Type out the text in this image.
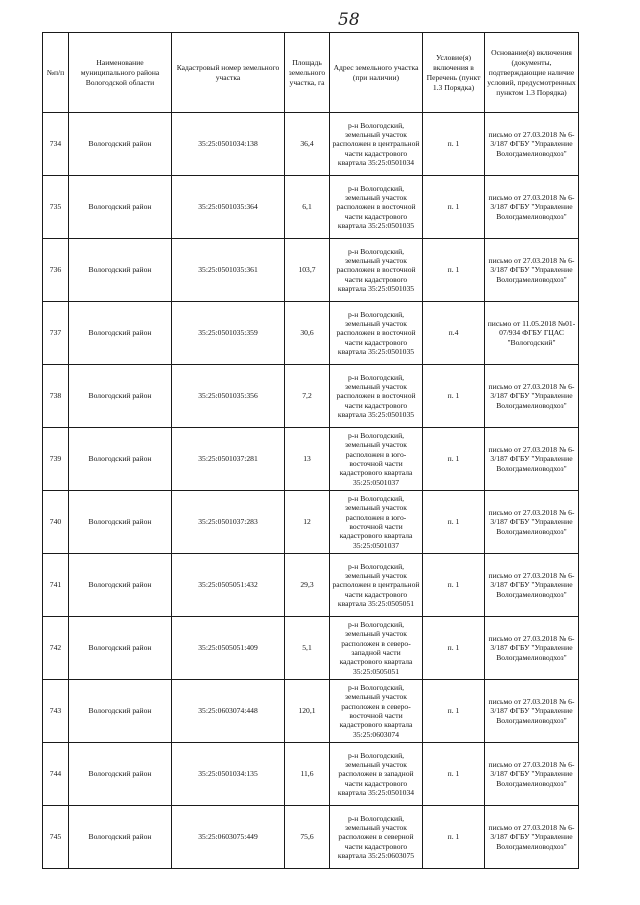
58
№п/п	Наименование муниципального района Вологодской области	Кадастровый номер земельного участка	Площадь земельного участка, га	Адрес земельного участка (при наличии)	Условие(я) включения в Перечень (пункт 1.3 Порядка)	Основание(я) включения (документы, подтверждающие наличие условий, предусмотренных пунктом 1.3 Порядка)
734	Вологодский район	35:25:0501034:138	36,4	р-н Вологодский, земельный участок расположен в центральной части кадастрового квартала 35:25:0501034	п. 1	письмо от 27.03.2018 № 6-3/187 ФГБУ "Управление Вологдамелиоводхоз"
735	Вологодский район	35:25:0501035:364	6,1	р-н Вологодский, земельный участок расположен в восточной части кадастрового квартала 35:25:0501035	п. 1	письмо от 27.03.2018 № 6-3/187 ФГБУ "Управление Вологдамелиоводхоз"
736	Вологодский район	35:25:0501035:361	103,7	р-н Вологодский, земельный участок расположен в восточной части кадастрового квартала 35:25:0501035	п. 1	письмо от 27.03.2018 № 6-3/187 ФГБУ "Управление Вологдамелиоводхоз"
737	Вологодский район	35:25:0501035:359	30,6	р-н Вологодский, земельный участок расположен в восточной части кадастрового квартала 35:25:0501035	п.4	письмо от 11.05.2018 №01-07/934 ФГБУ ГЦАС "Вологодский"
738	Вологодский район	35:25:0501035:356	7,2	р-н Вологодский, земельный участок расположен в восточной части кадастрового квартала 35:25:0501035	п. 1	письмо от 27.03.2018 № 6-3/187 ФГБУ "Управление Вологдамелиоводхоз"
739	Вологодский район	35:25:0501037:281	13	р-н Вологодский, земельный участок расположен в юго-восточной части кадастрового квартала 35:25:0501037	п. 1	письмо от 27.03.2018 № 6-3/187 ФГБУ "Управление Вологдамелиоводхоз"
740	Вологодский район	35:25:0501037:283	12	р-н Вологодский, земельный участок расположен в юго-восточной части кадастрового квартала 35:25:0501037	п. 1	письмо от 27.03.2018 № 6-3/187 ФГБУ "Управление Вологдамелиоводхоз"
741	Вологодский район	35:25:0505051:432	29,3	р-н Вологодский, земельный участок расположен в центральной части кадастрового квартала 35:25:0505051	п. 1	письмо от 27.03.2018 № 6-3/187 ФГБУ "Управление Вологдамелиоводхоз"
742	Вологодский район	35:25:0505051:409	5,1	р-н Вологодский, земельный участок расположен в северо-западной части кадастрового квартала 35:25:0505051	п. 1	письмо от 27.03.2018 № 6-3/187 ФГБУ "Управление Вологдамелиоводхоз"
743	Вологодский район	35:25:0603074:448	120,1	р-н Вологодский, земельный участок расположен в северо-восточной части кадастрового квартала 35:25:0603074	п. 1	письмо от 27.03.2018 № 6-3/187 ФГБУ "Управление Вологдамелиоводхоз"
744	Вологодский район	35:25:0501034:135	11,6	р-н Вологодский, земельный участок расположен в западной части кадастрового квартала 35:25:0501034	п. 1	письмо от 27.03.2018 № 6-3/187 ФГБУ "Управление Вологдамелиоводхоз"
745	Вологодский район	35:25:0603075:449	75,6	р-н Вологодский, земельный участок расположен в северной части кадастрового квартала 35:25:0603075	п. 1	письмо от 27.03.2018 № 6-3/187 ФГБУ "Управление Вологдамелиоводхоз"
